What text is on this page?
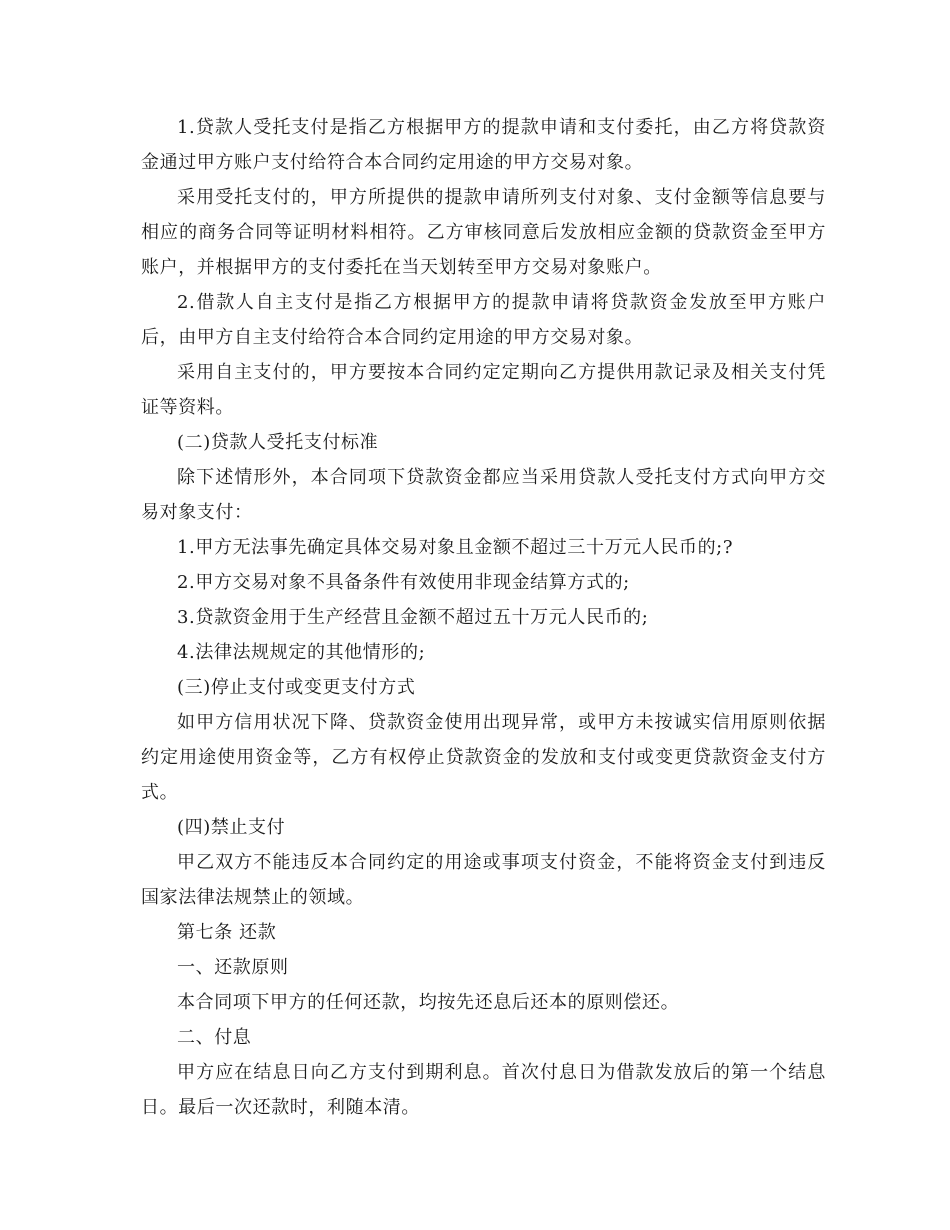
1.贷款人受托支付是指乙方根据甲方的提款申请和支付委托，由乙方将贷款资金通过甲方账户支付给符合本合同约定用途的甲方交易对象。

采用受托支付的，甲方所提供的提款申请所列支付对象、支付金额等信息要与相应的商务合同等证明材料相符。乙方审核同意后发放相应金额的贷款资金至甲方账户，并根据甲方的支付委托在当天划转至甲方交易对象账户。

2.借款人自主支付是指乙方根据甲方的提款申请将贷款资金发放至甲方账户后，由甲方自主支付给符合本合同约定用途的甲方交易对象。

采用自主支付的，甲方要按本合同约定定期向乙方提供用款记录及相关支付凭证等资料。

(二)贷款人受托支付标准

除下述情形外，本合同项下贷款资金都应当采用贷款人受托支付方式向甲方交易对象支付：

1.甲方无法事先确定具体交易对象且金额不超过三十万元人民币的;?

2.甲方交易对象不具备条件有效使用非现金结算方式的;

3.贷款资金用于生产经营且金额不超过五十万元人民币的;

4.法律法规规定的其他情形的;

(三)停止支付或变更支付方式

如甲方信用状况下降、贷款资金使用出现异常，或甲方未按诚实信用原则依据约定用途使用资金等，乙方有权停止贷款资金的发放和支付或变更贷款资金支付方式。

(四)禁止支付

甲乙双方不能违反本合同约定的用途或事项支付资金，不能将资金支付到违反国家法律法规禁止的领域。

第七条 还款

一、还款原则

本合同项下甲方的任何还款，均按先还息后还本的原则偿还。

二、付息

甲方应在结息日向乙方支付到期利息。首次付息日为借款发放后的第一个结息日。最后一次还款时，利随本清。
